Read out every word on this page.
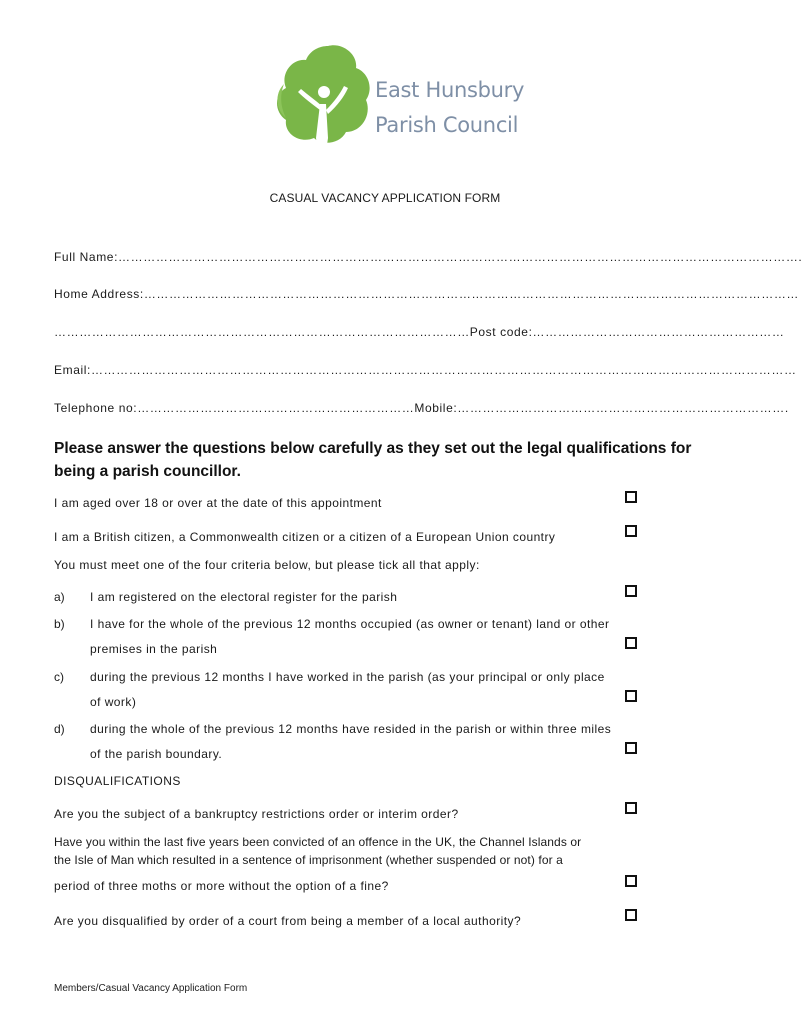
East Hunsbury
Parish Council
CASUAL VACANCY APPLICATION FORM
Full Name:……………………………………………………………………………………………………………………………………………….
Home Address:…………………………………………………………………………………………………………………………………………
………………………………………………………………………………………Post code:……………………………………………………
Email:……………………………………………………………………………………………………………………………………………………
Telephone no:…………………………………………………………Mobile:…………………………………………………………………….
Please answer the questions below carefully as they set out the legal qualifications for being a parish councillor.
I am aged over 18 or over at the date of this appointment
I am a British citizen, a Commonwealth citizen or a citizen of a European Union country
You must meet one of the four criteria below, but please tick all that apply:
a) I am registered on the electoral register for the parish
b) I have for the whole of the previous 12 months occupied (as owner or tenant) land or other
premises in the parish
c) during the previous 12 months I have worked in the parish (as your principal or only place
of work)
d) during the whole of the previous 12 months have resided in the parish or within three miles
of the parish boundary.
DISQUALIFICATIONS
Are you the subject of a bankruptcy restrictions order or interim order?
Have you within the last five years been convicted of an offence in the UK, the Channel Islands or
the Isle of Man which resulted in a sentence of imprisonment (whether suspended or not) for a
period of three moths or more without the option of a fine?
Are you disqualified by order of a court from being a member of a local authority?
Members/Casual Vacancy Application Form
